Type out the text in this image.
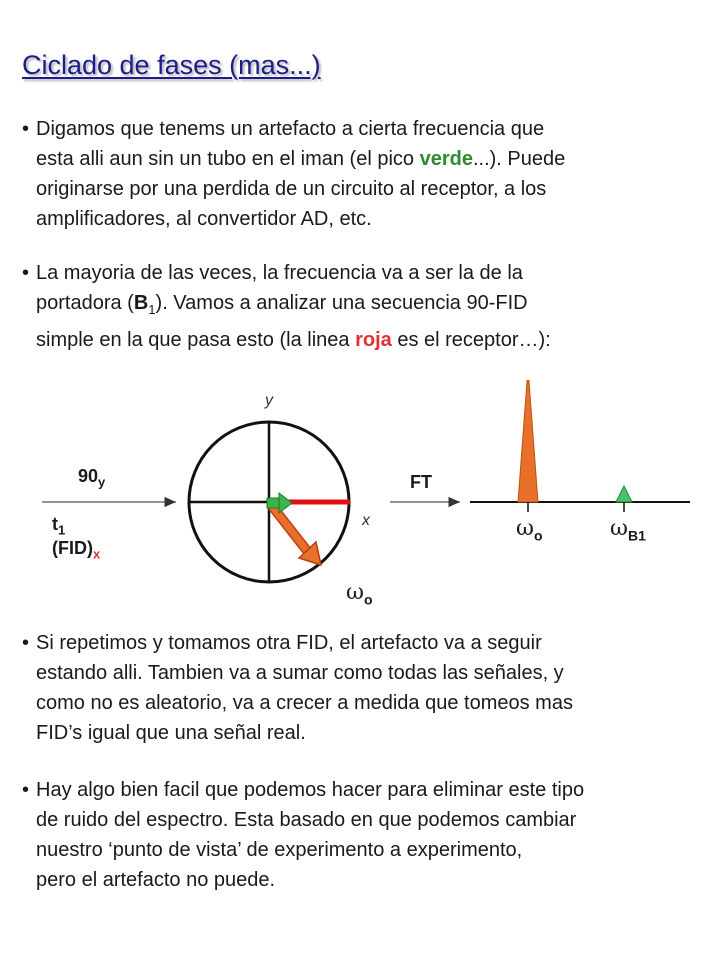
Ciclado de fases (mas...)
• Digamos que tenems un artefacto a cierta frecuencia que
esta alli aun sin un tubo en el iman (el pico verde...). Puede
originarse por una perdida de un circuito al receptor, a los
amplificadores, al convertidor AD, etc.
• La mayoria de las veces, la frecuencia va a ser la de la
portadora $(B_1)$. Vamos a analizar una secuencia 90-FID
simple en la que pasa esto (la linea roja es el receptor…):
$90_y$
$t_1$ $(FID)_x$
y
x
$\omega_o$
FT
$\omega_o$	$\omega_{B1}$
• Si repetimos y tomamos otra FID, el artefacto va a seguir
estando alli. Tambien va a sumar como todas las señales, y
como no es aleatorio, va a crecer a medida que tomeos mas
FID’s igual que una señal real.
• Hay algo bien facil que podemos hacer para eliminar este tipo
de ruido del espectro. Esta basado en que podemos cambiar
nuestro ‘punto de vista’ de experimento a experimento,
pero el artefacto no puede.
